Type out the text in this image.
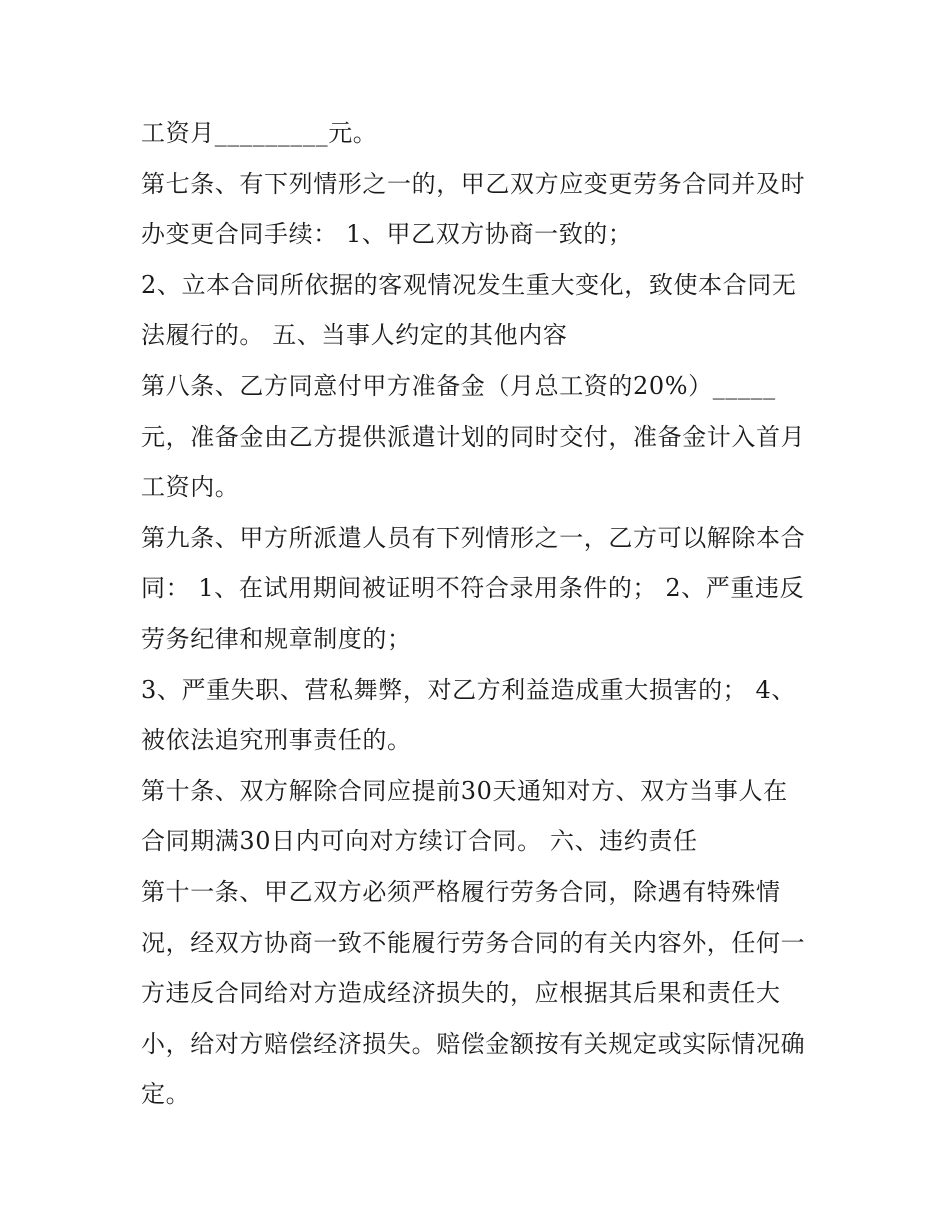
工资月_________元。
第七条、有下列情形之一的，甲乙双方应变更劳务合同并及时
办变更合同手续： 1、甲乙双方协商一致的；
2、立本合同所依据的客观情况发生重大变化，致使本合同无
法履行的。 五、当事人约定的其他内容
第八条、乙方同意付甲方准备金（月总工资的20%）_____
元，准备金由乙方提供派遣计划的同时交付，准备金计入首月
工资内。
第九条、甲方所派遣人员有下列情形之一，乙方可以解除本合
同： 1、在试用期间被证明不符合录用条件的； 2、严重违反
劳务纪律和规章制度的；
3、严重失职、营私舞弊，对乙方利益造成重大损害的； 4、
被依法追究刑事责任的。
第十条、双方解除合同应提前30天通知对方、双方当事人在
合同期满30日内可向对方续订合同。 六、违约责任
第十一条、甲乙双方必须严格履行劳务合同，除遇有特殊情
况，经双方协商一致不能履行劳务合同的有关内容外，任何一
方违反合同给对方造成经济损失的，应根据其后果和责任大
小，给对方赔偿经济损失。赔偿金额按有关规定或实际情况确
定。
